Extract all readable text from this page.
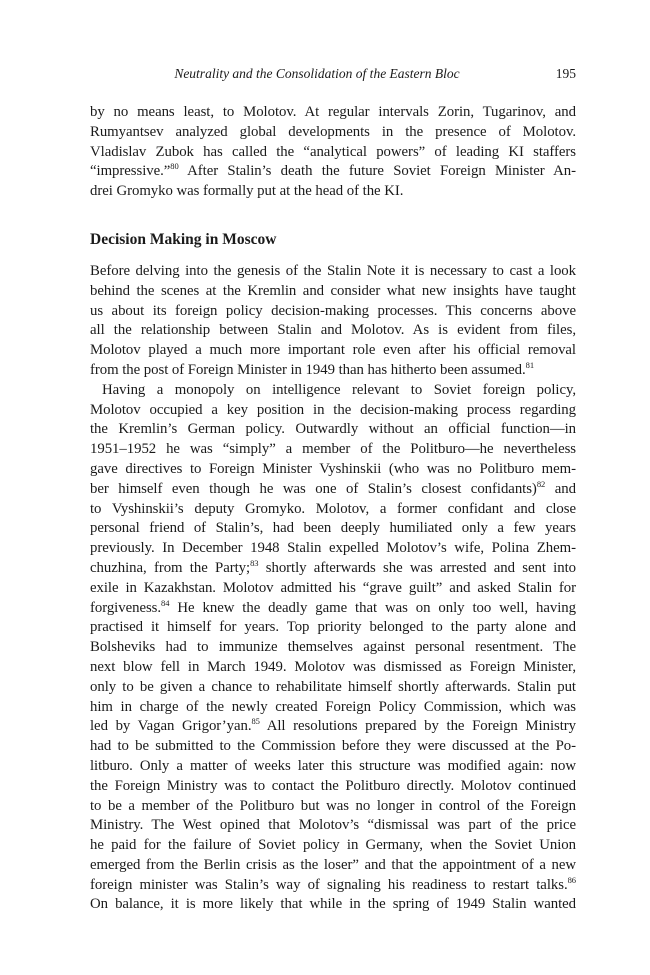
Neutrality and the Consolidation of the Eastern Bloc	195
by no means least, to Molotov. At regular intervals Zorin, Tugarinov, and
Rumyantsev analyzed global developments in the presence of Molotov.
Vladislav Zubok has called the “analytical powers” of leading KI staffers
“impressive.”$^{80}$ After Stalin’s death the future Soviet Foreign Minister An-
drei Gromyko was formally put at the head of the KI.
Decision Making in Moscow
Before delving into the genesis of the Stalin Note it is necessary to cast a look
behind the scenes at the Kremlin and consider what new insights have taught
us about its foreign policy decision-making processes. This concerns above
all the relationship between Stalin and Molotov. As is evident from files,
Molotov played a much more important role even after his official removal
from the post of Foreign Minister in 1949 than has hitherto been assumed.$^{81}$
Having a monopoly on intelligence relevant to Soviet foreign policy,
Molotov occupied a key position in the decision-making process regarding
the Kremlin’s German policy. Outwardly without an official function—in
1951–1952 he was “simply” a member of the Politburo—he nevertheless
gave directives to Foreign Minister Vyshinskii (who was no Politburo mem-
ber himself even though he was one of Stalin’s closest confidants)$^{82}$ and
to Vyshinskii’s deputy Gromyko. Molotov, a former confidant and close
personal friend of Stalin’s, had been deeply humiliated only a few years
previously. In December 1948 Stalin expelled Molotov’s wife, Polina Zhem-
chuzhina, from the Party;$^{83}$ shortly afterwards she was arrested and sent into
exile in Kazakhstan. Molotov admitted his “grave guilt” and asked Stalin for
forgiveness.$^{84}$ He knew the deadly game that was on only too well, having
practised it himself for years. Top priority belonged to the party alone and
Bolsheviks had to immunize themselves against personal resentment. The
next blow fell in March 1949. Molotov was dismissed as Foreign Minister,
only to be given a chance to rehabilitate himself shortly afterwards. Stalin put
him in charge of the newly created Foreign Policy Commission, which was
led by Vagan Grigor’yan.$^{85}$ All resolutions prepared by the Foreign Ministry
had to be submitted to the Commission before they were discussed at the Po-
litburo. Only a matter of weeks later this structure was modified again: now
the Foreign Ministry was to contact the Politburo directly. Molotov continued
to be a member of the Politburo but was no longer in control of the Foreign
Ministry. The West opined that Molotov’s “dismissal was part of the price
he paid for the failure of Soviet policy in Germany, when the Soviet Union
emerged from the Berlin crisis as the loser” and that the appointment of a new
foreign minister was Stalin’s way of signaling his readiness to restart talks.$^{86}$
On balance, it is more likely that while in the spring of 1949 Stalin wanted
